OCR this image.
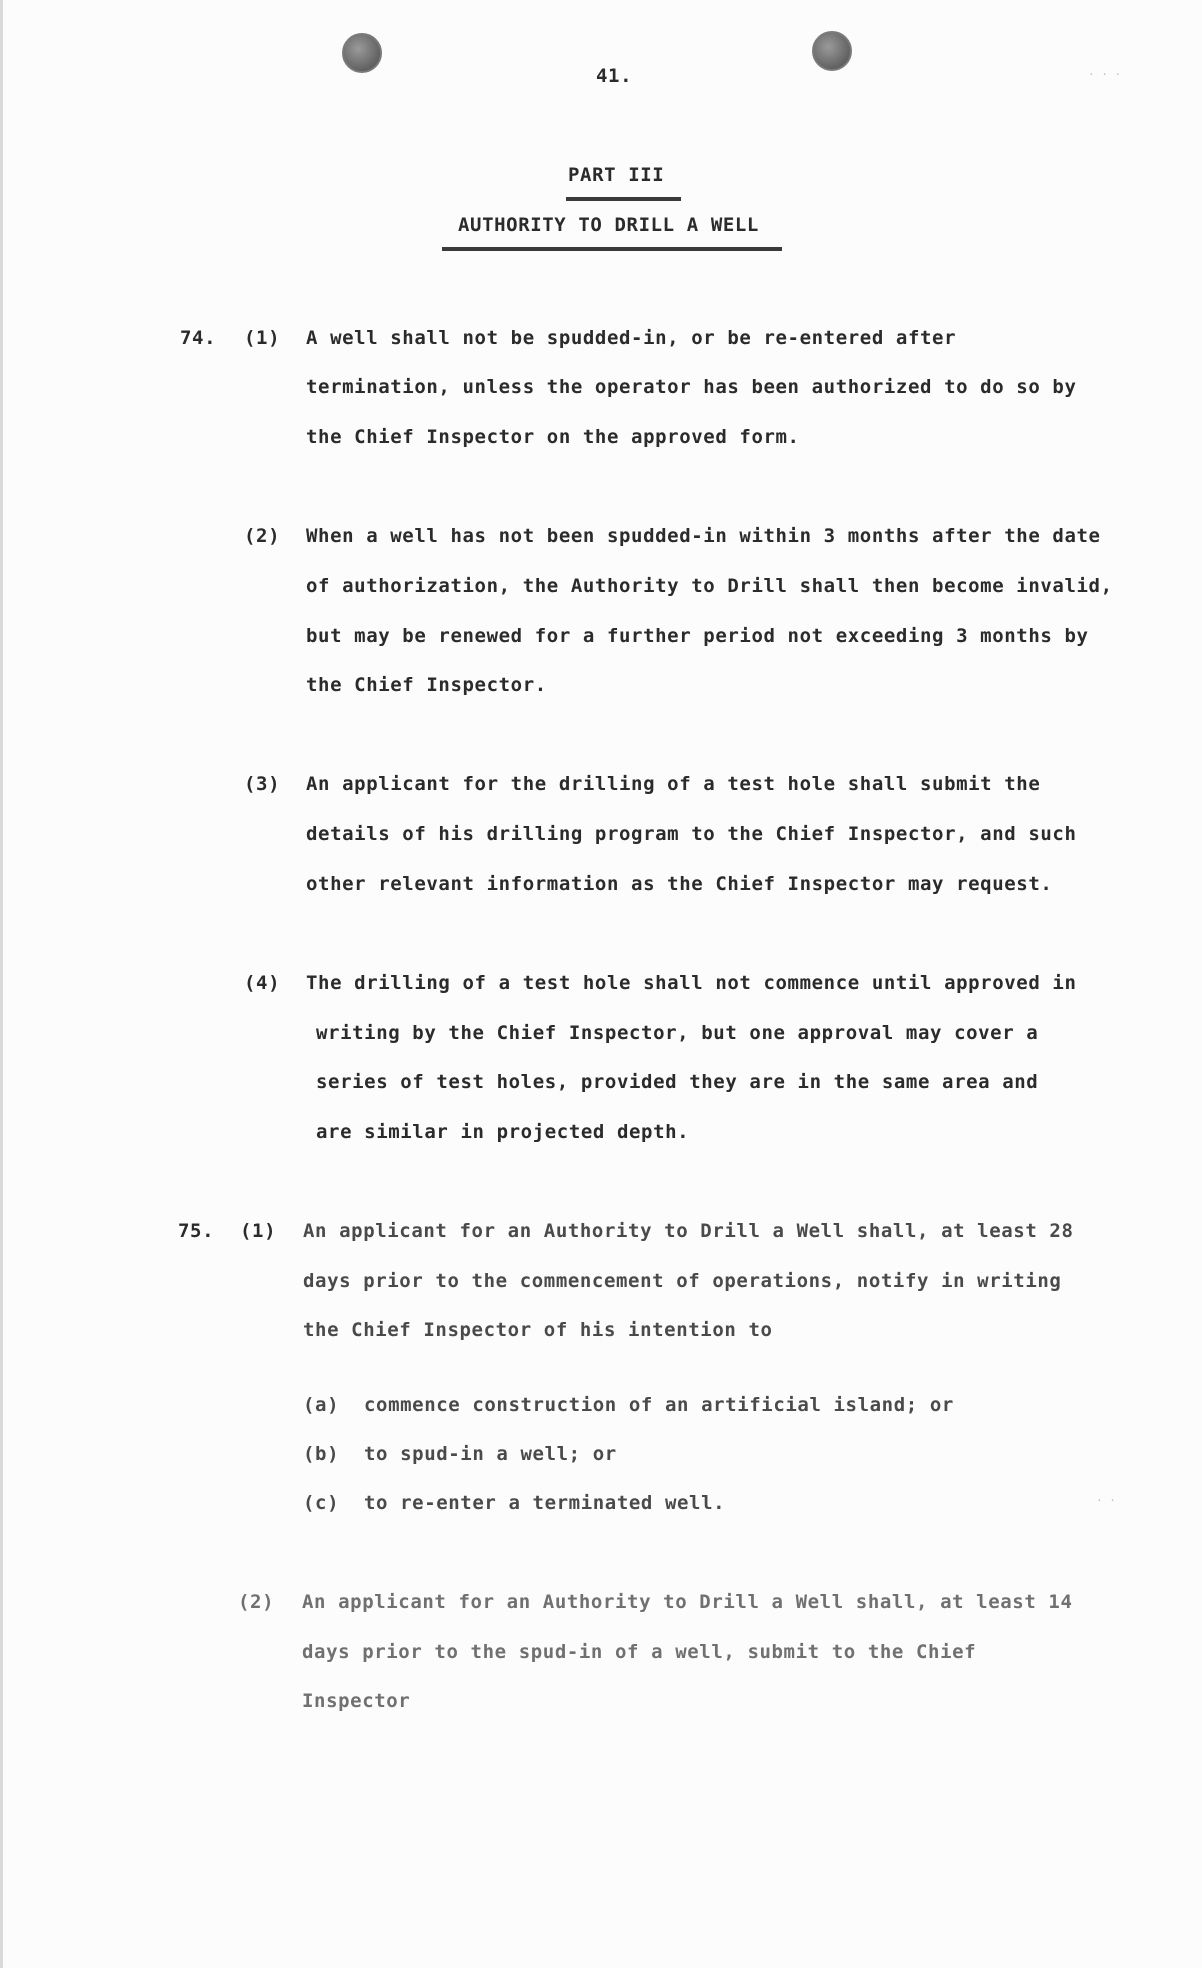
41.
PART III
AUTHORITY TO DRILL A WELL
74. (1) A well shall not be spudded-in, or be re-entered after
termination, unless the operator has been authorized to do so by
the Chief Inspector on the approved form.
(2) When a well has not been spudded-in within 3 months after the date
of authorization, the Authority to Drill shall then become invalid,
but may be renewed for a further period not exceeding 3 months by
the Chief Inspector.
(3) An applicant for the drilling of a test hole shall submit the
details of his drilling program to the Chief Inspector, and such
other relevant information as the Chief Inspector may request.
(4) The drilling of a test hole shall not commence until approved in
writing by the Chief Inspector, but one approval may cover a
series of test holes, provided they are in the same area and
are similar in projected depth.
75. (1) An applicant for an Authority to Drill a Well shall, at least 28
days prior to the commencement of operations, notify in writing
the Chief Inspector of his intention to
(a) commence construction of an artificial island; or
(b) to spud-in a well; or
(c) to re-enter a terminated well.
(2) An applicant for an Authority to Drill a Well shall, at least 14
days prior to the spud-in of a well, submit to the Chief
Inspector
· · ·
· ·
